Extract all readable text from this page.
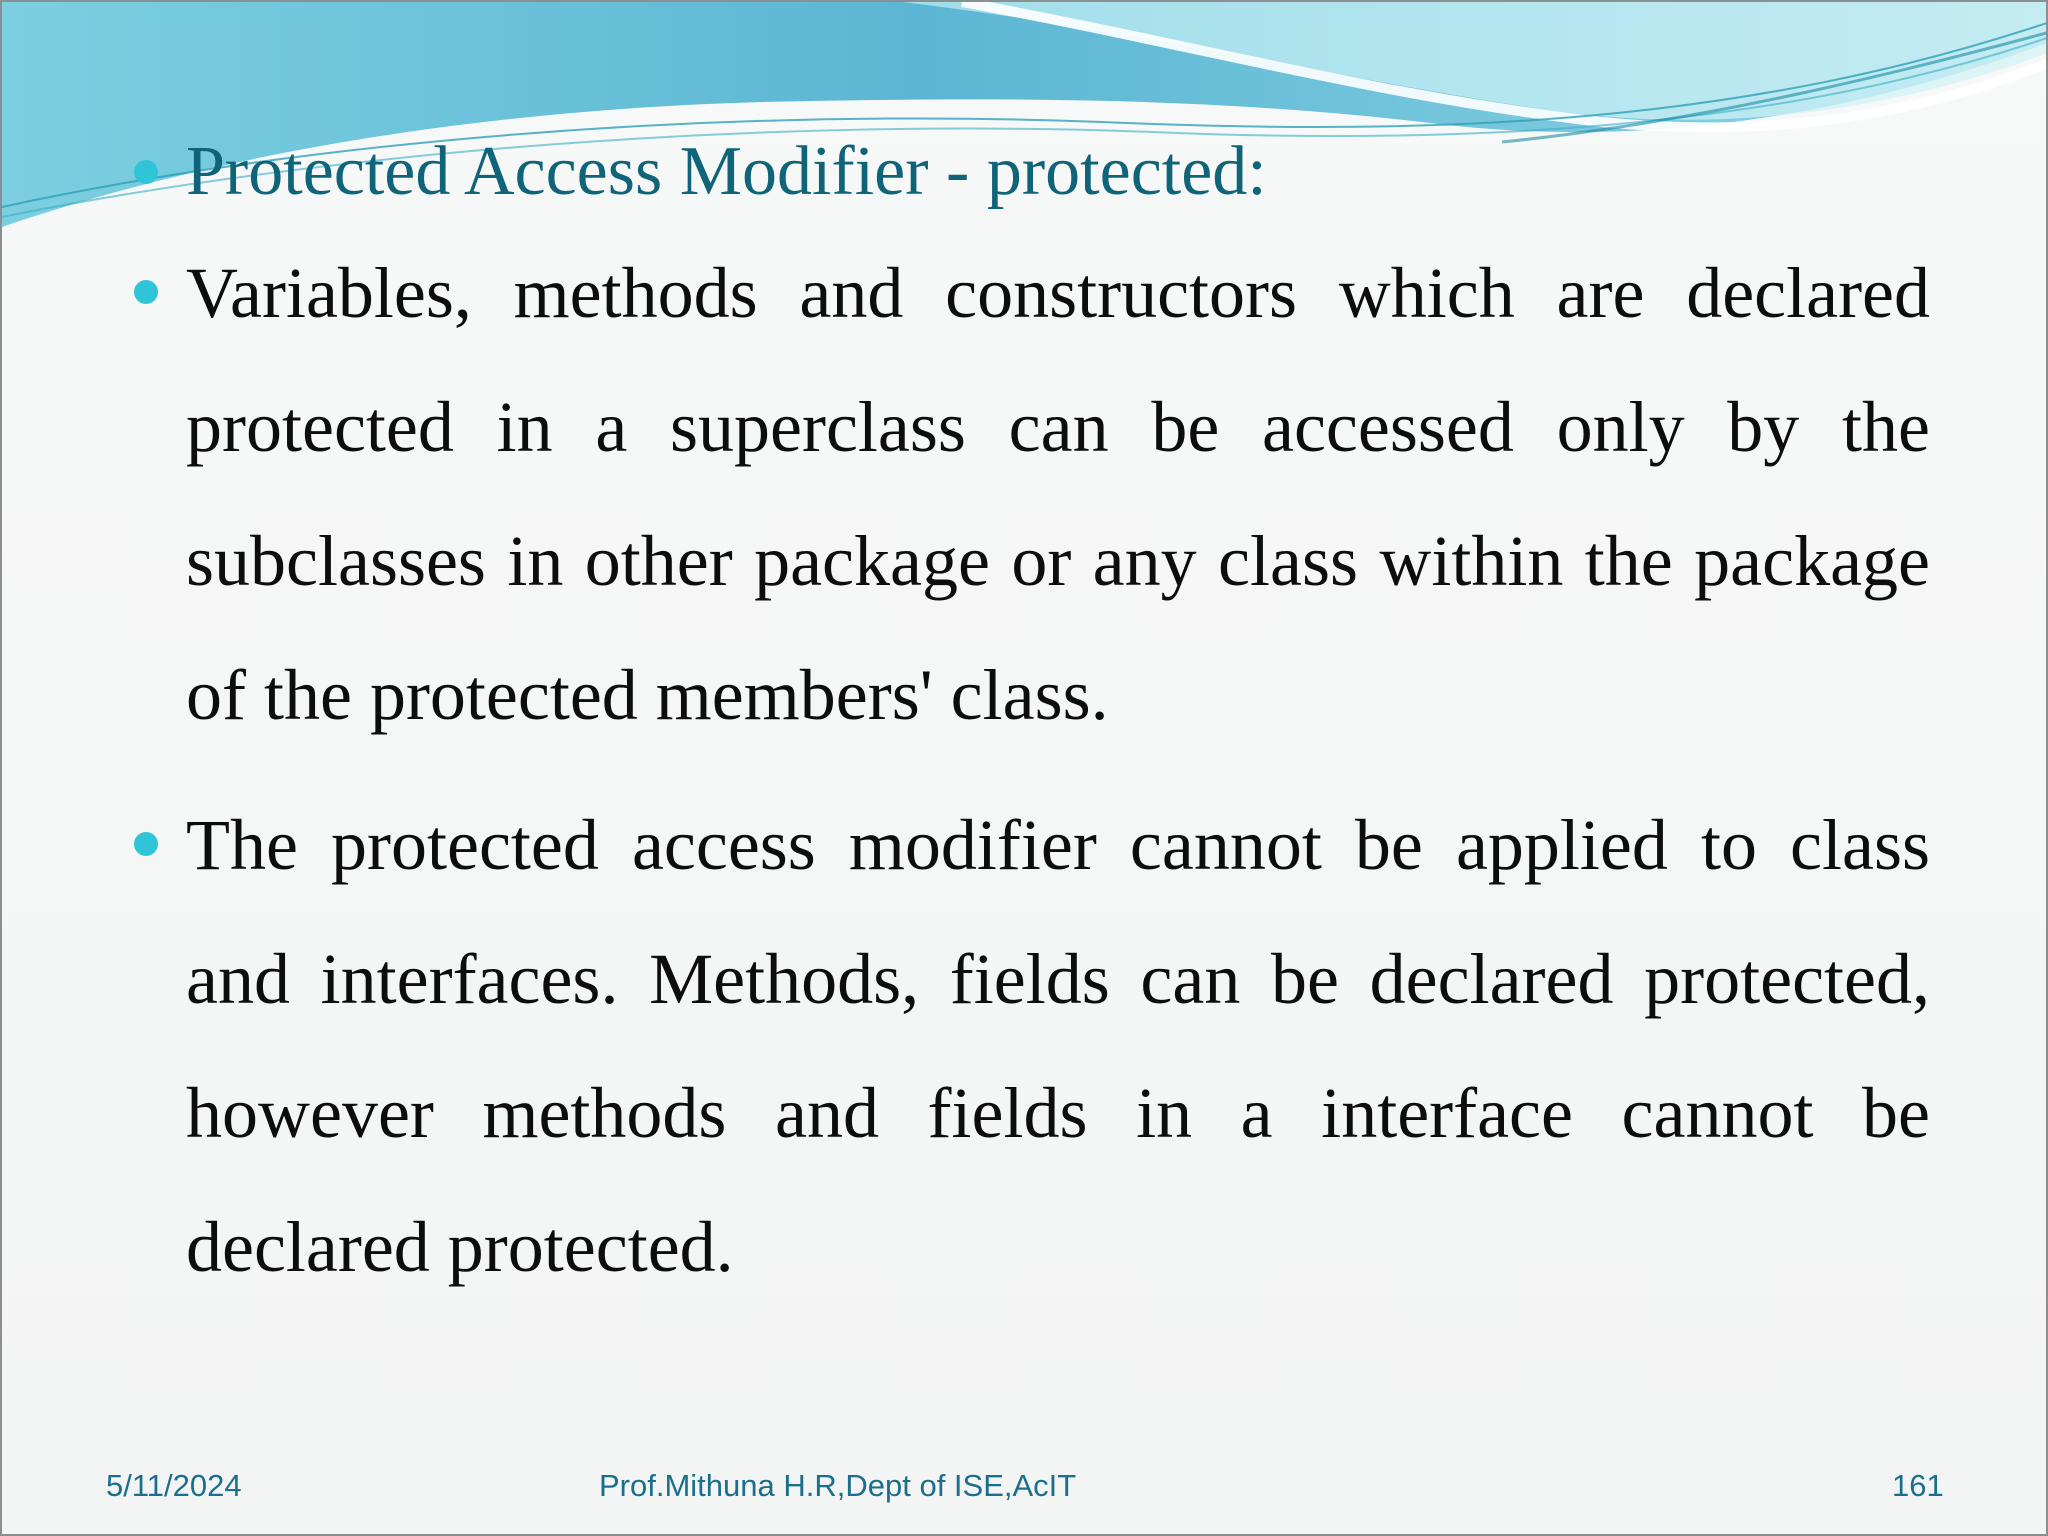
Protected Access Modifier - protected:
Variables, methods and constructors which are declared protected in a superclass can be accessed only by the subclasses in other package or any class within the package of the protected members' class.
The protected access modifier cannot be applied to class and interfaces. Methods, fields can be declared protected, however methods and fields in a interface cannot be declared protected.
5/11/2024	Prof.Mithuna H.R,Dept of ISE,AcIT	161
